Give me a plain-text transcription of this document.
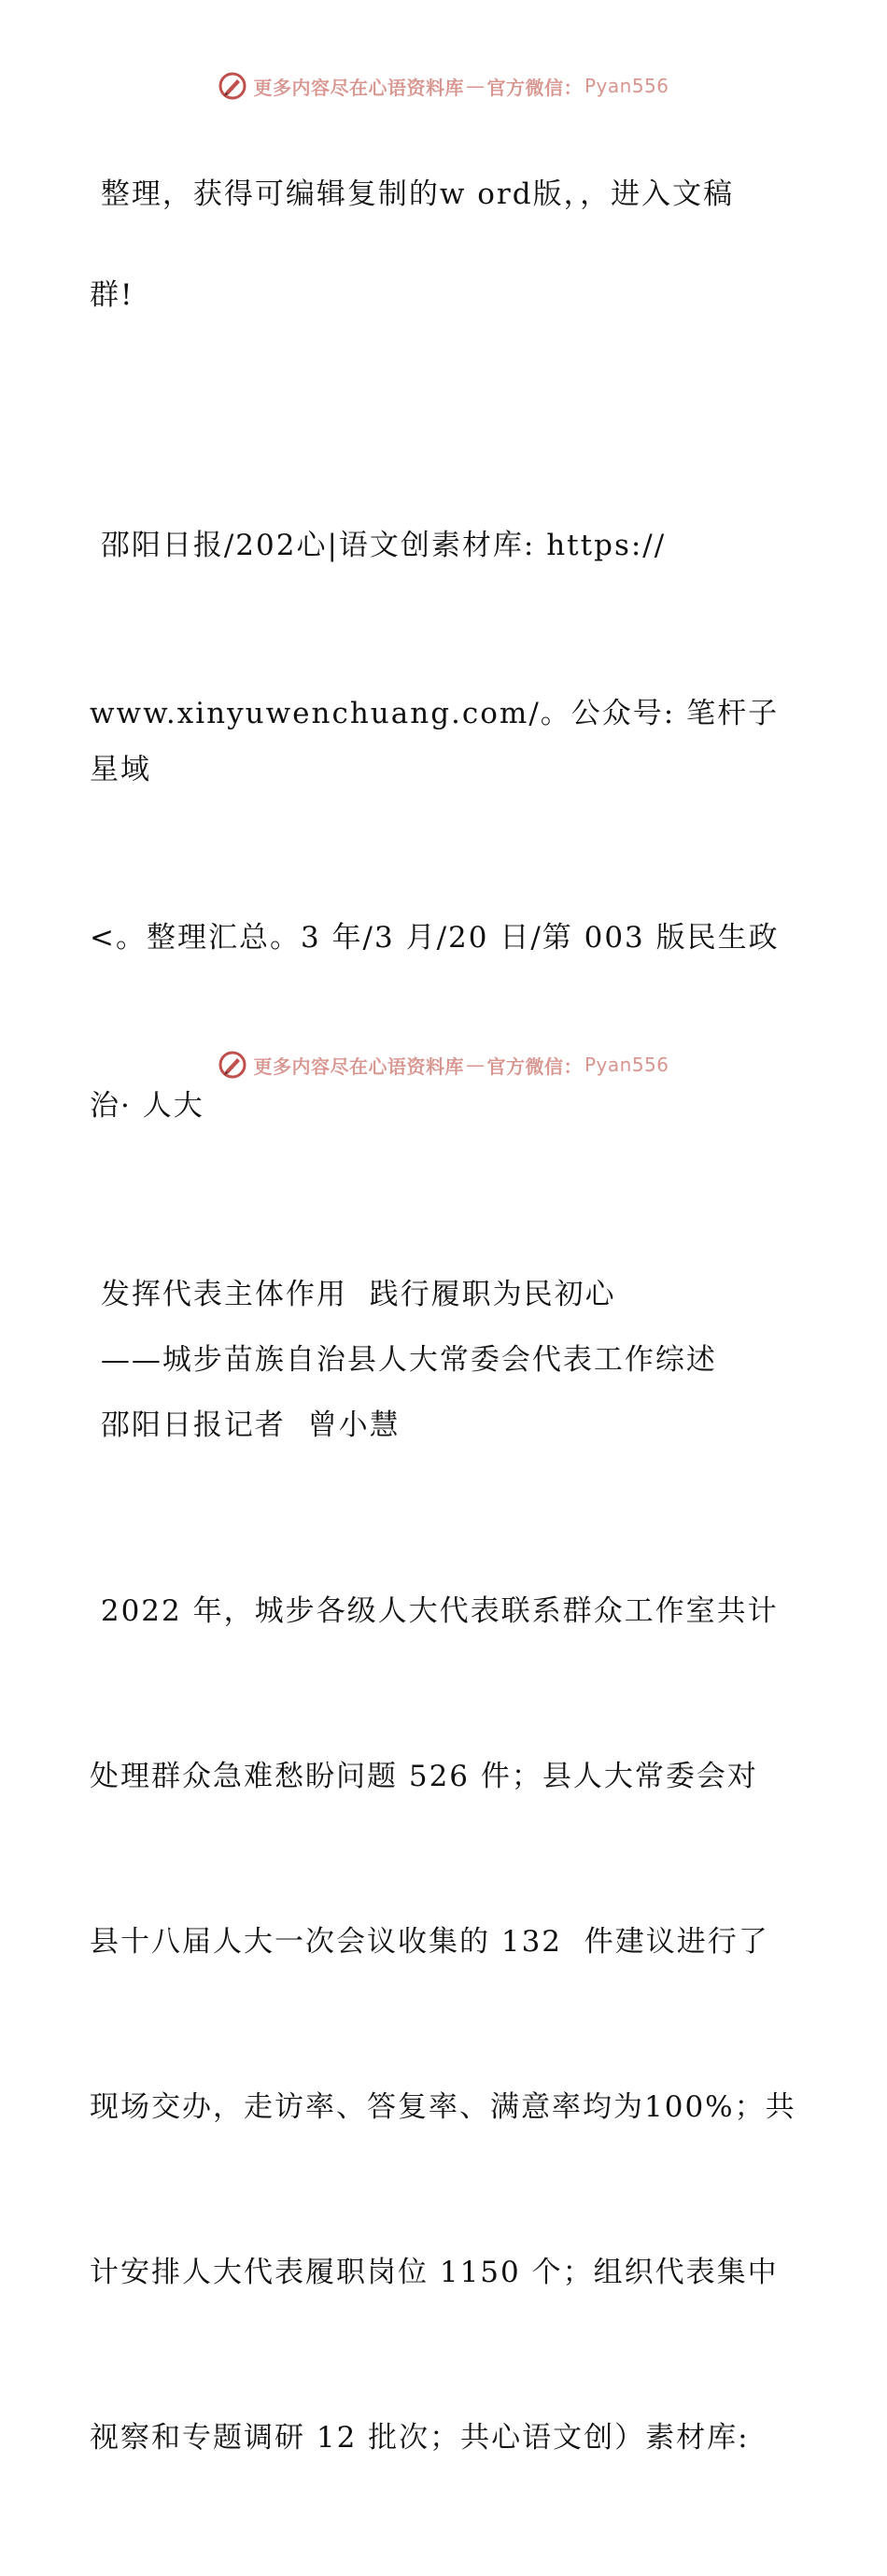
更多内容尽在心语资料库 — 官方微信： Pyan556

整理，获得可编辑复制的w ord版，，进入文稿

群!

邵阳日报/202心|语文创素材库: https://

www.xinyuwenchuang.com/。公众号: 笔杆子星域

<。整理汇总。3 年/3 月/20 日/第 003 版民生政

治· 人大

发挥代表主体作用  践行履职为民初心

——城步苗族自治县人大常委会代表工作综述

邵阳日报记者  曾小慧

2022 年，城步各级人大代表联系群众工作室共计

处理群众急难愁盼问题 526 件；县人大常委会对

县十八届人大一次会议收集的 132  件建议进行了

现场交办，走访率、答复率、满意率均为100%；共

计安排人大代表履职岗位 1150 个；组织代表集中

视察和专题调研 12 批次；共心语文创）素材库:

更多内容尽在心语资料库 — 官方微信： Pyan556
